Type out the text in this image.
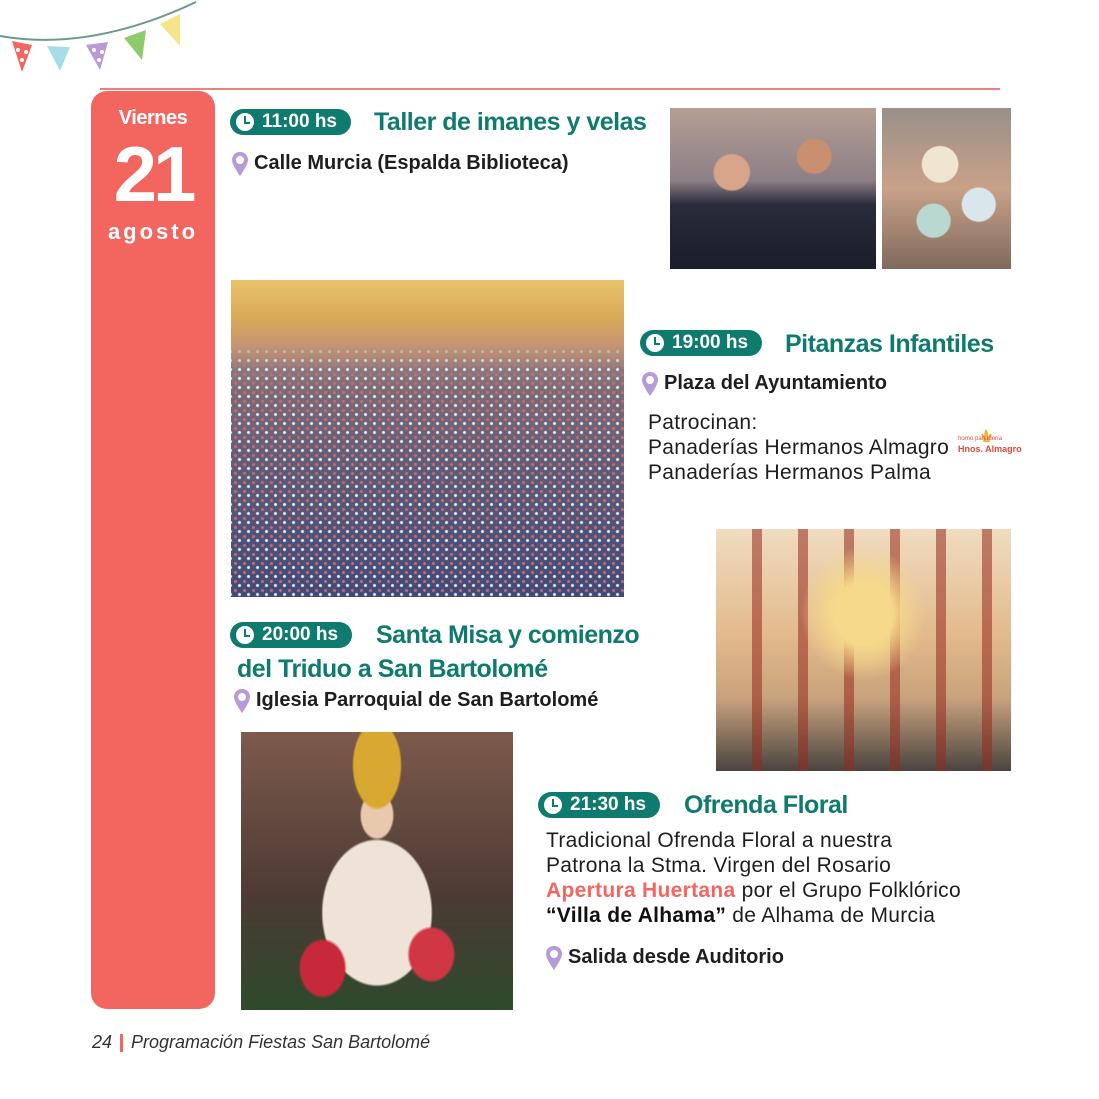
Viernes
21
agosto
11:00 hs Taller de imanes y velas
Calle Murcia (Espalda Biblioteca)
19:00 hs Pitanzas Infantiles
Plaza del Ayuntamiento
Patrocinan:
Panaderías Hermanos Almagro
Panaderías Hermanos Palma
horno panadería
Hnos. Almagro
20:00 hs Santa Misa y comienzo
del Triduo a San Bartolomé
Iglesia Parroquial de San Bartolomé
21:30 hs Ofrenda Floral
Tradicional Ofrenda Floral a nuestra
Patrona la Stma. Virgen del Rosario
Apertura Huertana por el Grupo Folklórico
“Villa de Alhama” de Alhama de Murcia
Salida desde Auditorio
24 Programación Fiestas San Bartolomé
